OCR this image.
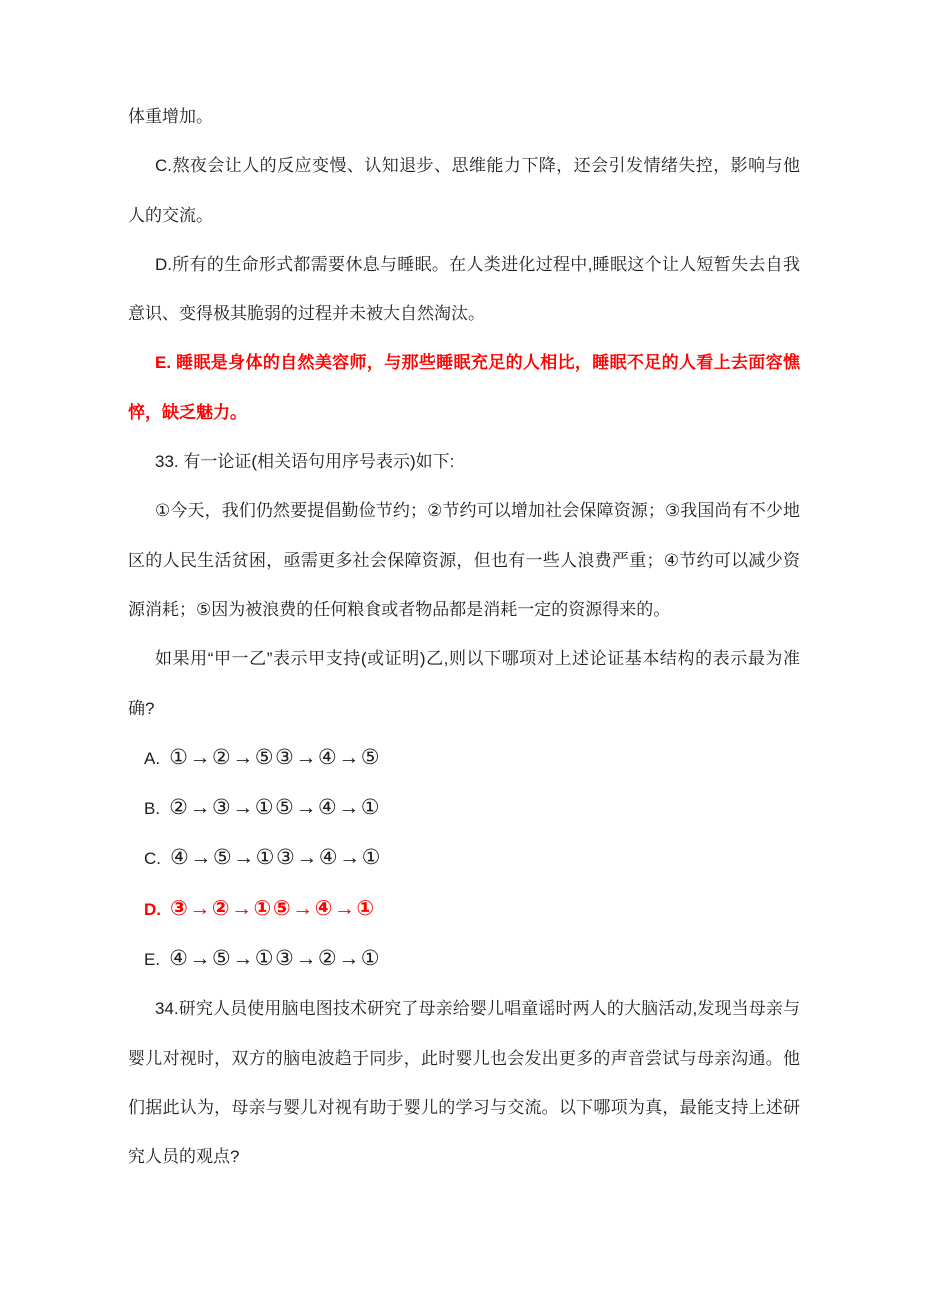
体重增加。

C.熬夜会让人的反应变慢、认知退步、思维能力下降，还会引发情绪失控，影响与他人的交流。

D.所有的生命形式都需要休息与睡眠。在人类进化过程中,睡眠这个让人短暂失去自我意识、变得极其脆弱的过程并未被大自然淘汰。

E. 睡眠是身体的自然美容师，与那些睡眠充足的人相比，睡眠不足的人看上去面容憔悴，缺乏魅力。

33. 有一论证(相关语句用序号表示)如下:

①今天，我们仍然要提倡勤俭节约；②节约可以增加社会保障资源；③我国尚有不少地区的人民生活贫困，亟需更多社会保障资源，但也有一些人浪费严重；④节约可以减少资源消耗；⑤因为被浪费的任何粮食或者物品都是消耗一定的资源得来的。

如果用“甲一乙”表示甲支持(或证明)乙,则以下哪项对上述论证基本结构的表示最为准确?

A. ①→②→⑤③→④→⑤

B. ②→③→①⑤→④→①

C. ④→⑤→①③→④→①

D. ③→②→①⑤→④→①

E. ④→⑤→①③→②→①

34.研究人员使用脑电图技术研究了母亲给婴儿唱童谣时两人的大脑活动,发现当母亲与婴儿对视时，双方的脑电波趋于同步，此时婴儿也会发出更多的声音尝试与母亲沟通。他们据此认为，母亲与婴儿对视有助于婴儿的学习与交流。以下哪项为真，最能支持上述研究人员的观点?
